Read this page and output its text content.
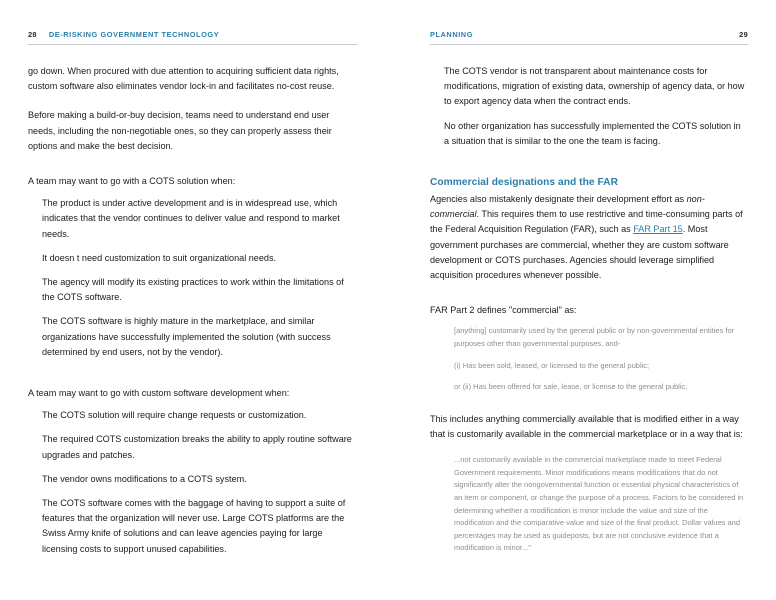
28 DE-RISKING GOVERNMENT TECHNOLOGY

go down. When procured with due attention to acquiring sufficient data rights, custom software also eliminates vendor lock-in and facilitates no-cost reuse.

Before making a build-or-buy decision, teams need to understand end user needs, including the non-negotiable ones, so they can properly assess their options and make the best decision.

A team may want to go with a COTS solution when:

The product is under active development and is in widespread use, which indicates that the vendor continues to deliver value and respond to market needs.
It doesn t need customization to suit organizational needs.
The agency will modify its existing practices to work within the limitations of the COTS software.
The COTS software is highly mature in the marketplace, and similar organizations have successfully implemented the solution (with success determined by end users, not by the vendor).

A team may want to go with custom software development when:

The COTS solution will require change requests or customization.
The required COTS customization breaks the ability to apply routine software upgrades and patches.
The vendor owns modifications to a COTS system.
The COTS software comes with the baggage of having to support a suite of features that the organization will never use. Large COTS platforms are the Swiss Army knife of solutions and can leave agencies paying for large licensing costs to support unused capabilities.
PLANNING	29
The COTS vendor is not transparent about maintenance costs for modifications, migration of existing data, ownership of agency data, or how to export agency data when the contract ends.
No other organization has successfully implemented the COTS solution in a situation that is similar to the one the team is facing.
Commercial designations and the FAR

Agencies also mistakenly designate their development effort as non-commercial. This requires them to use restrictive and time-consuming parts of the Federal Acquisition Regulation (FAR), such as FAR Part 15. Most government purchases are commercial, whether they are custom software development or COTS purchases. Agencies should leverage simplified acquisition procedures whenever possible.

FAR Part 2 defines "commercial" as:

[anything] customarily used by the general public or by non-governmental entities for purposes other than governmental purposes, and-

(i) Has been sold, leased, or licensed to the general public;

or (ii) Has been offered for sale, lease, or license to the general public;

This includes anything commercially available that is modified either in a way that is customarily available in the commercial marketplace or in a way that is:

...not customarily available in the commercial marketplace made to meet Federal Government requirements. Minor modifications means modifications that do not significantly alter the nongovernmental function or essential physical characteristics of an item or component, or change the purpose of a process. Factors to be considered in determining whether a modification is minor include the value and size of the modification and the comparative value and size of the final product. Dollar values and percentages may be used as guideposts, but are not conclusive evidence that a modification is minor..."
